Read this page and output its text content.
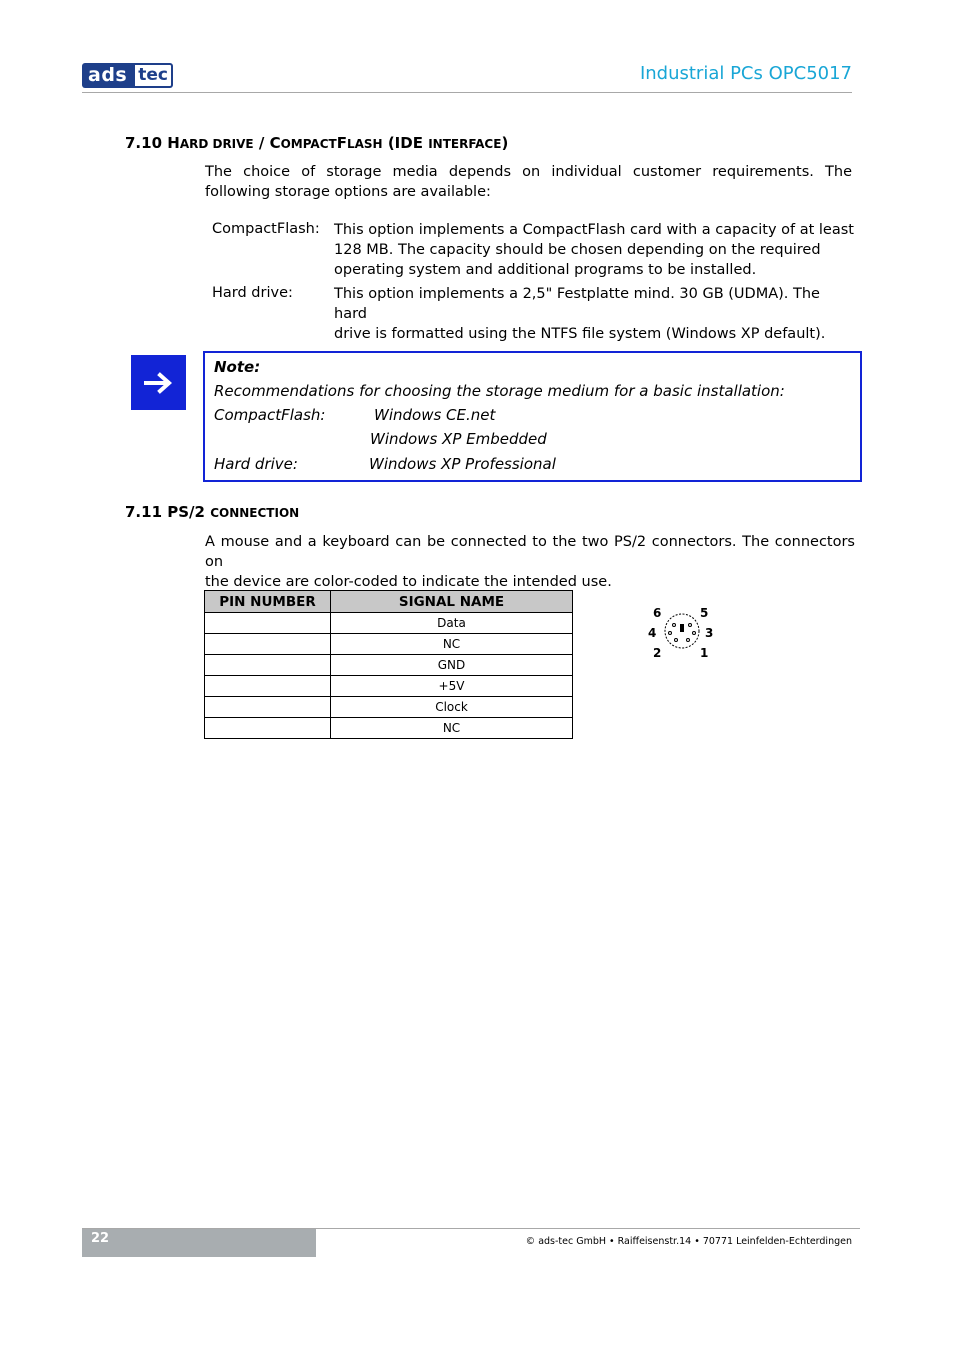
ads tec	Industrial PCs OPC5017
7.10 HARD DRIVE / COMPACTFLASH (IDE INTERFACE)
The choice of storage media depends on individual customer requirements. The following storage options are available:
CompactFlash: This option implements a CompactFlash card with a capacity of at least
128 MB. The capacity should be chosen depending on the required
operating system and additional programs to be installed.
Hard drive:	This option implements a 2,5" Festplatte mind. 30 GB (UDMA). The hard
drive is formatted using the NTFS file system (Windows XP default).
Note:
Recommendations for choosing the storage medium for a basic installation:
CompactFlash:	Windows CE.net
Windows XP Embedded
Hard drive:	Windows XP Professional
7.11 PS/2 CONNECTION
A mouse and a keyboard can be connected to the two PS/2 connectors. The connectors on
the device are color-coded to indicate the intended use.
PIN NUMBER	SIGNAL NAME
	Data
	NC
	GND
	+5V
	Clock
	NC
6	5
4	3
2	1
22	© ads-tec GmbH • Raiffeisenstr.14 • 70771 Leinfelden-Echterdingen
